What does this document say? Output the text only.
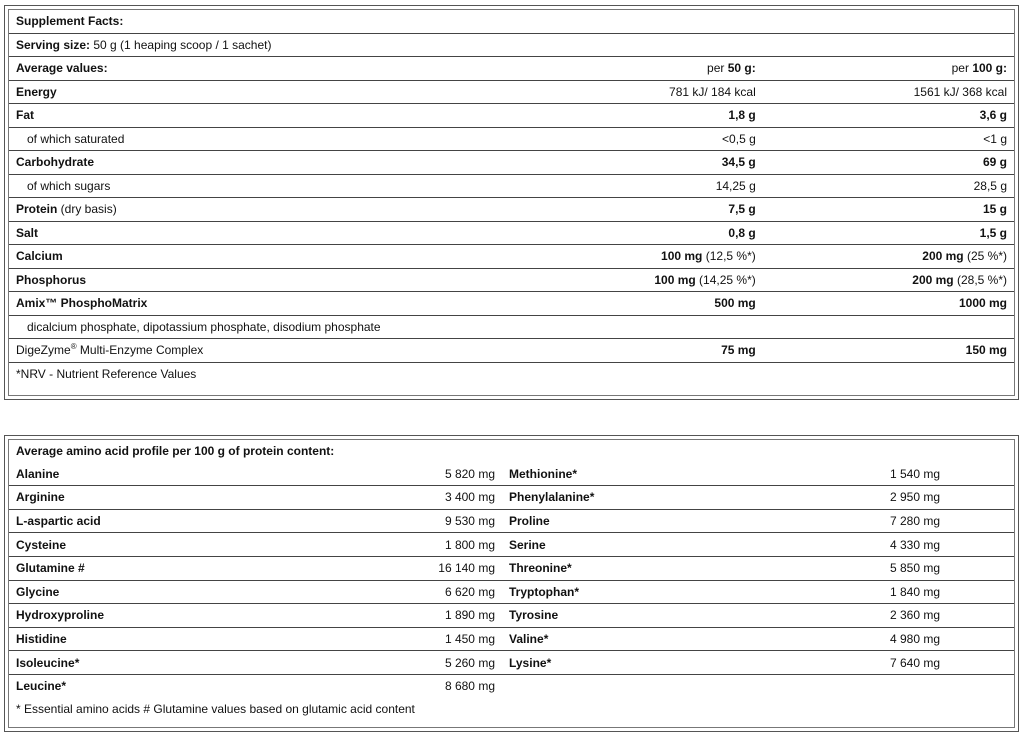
Supplement Facts:		
Serving size: 50 g (1 heaping scoop / 1 sachet)		
Average values:	per 50 g:	per 100 g:
Energy	781 kJ/ 184 kcal	1561 kJ/ 368 kcal
Fat	1,8 g	3,6 g
of which saturated	<0,5 g	<1 g
Carbohydrate	34,5 g	69 g
of which sugars	14,25 g	28,5 g
Protein (dry basis)	7,5 g	15 g
Salt	0,8 g	1,5 g
Calcium	100 mg (12,5 %*)	200 mg (25 %*)
Phosphorus	100 mg (14,25 %*)	200 mg (28,5 %*)
Amix™ PhosphoMatrix	500 mg	1000 mg
dicalcium phosphate, dipotassium phosphate, disodium phosphate		
DigeZyme® Multi-Enzyme Complex	75 mg	150 mg
*NRV - Nutrient Reference Values		
Average amino acid profile per 100 g of protein content:			
Alanine	5 820 mg	Methionine*	1 540 mg
Arginine	3 400 mg	Phenylalanine*	2 950 mg
L-aspartic acid	9 530 mg	Proline	7 280 mg
Cysteine	1 800 mg	Serine	4 330 mg
Glutamine #	16 140 mg	Threonine*	5 850 mg
Glycine	6 620 mg	Tryptophan*	1 840 mg
Hydroxyproline	1 890 mg	Tyrosine	2 360 mg
Histidine	1 450 mg	Valine*	4 980 mg
Isoleucine*	5 260 mg	Lysine*	7 640 mg
Leucine*	8 680 mg		
* Essential amino acids # Glutamine values based on glutamic acid content			
